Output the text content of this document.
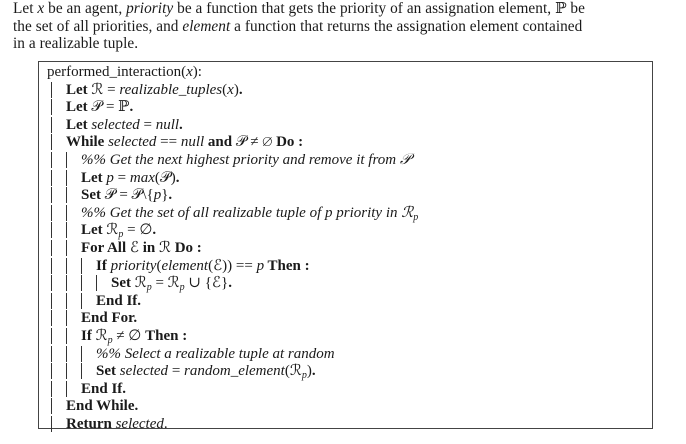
Let x be an agent, priority be a function that gets the priority of an assignation element, ℙ be
the set of all priorities, and element a function that returns the assignation element contained
in a realizable tuple.
performed_interaction(x):
Let ℛ = realizable_tuples(x).
Let 𝒫 = ℙ.
Let selected = null.
While selected == null and 𝒫 ≠ ∅ Do :
%% Get the next highest priority and remove it from 𝒫
Let p = max(𝒫).
Set 𝒫 = 𝒫\{p}.
%% Get the set of all realizable tuple of p priority in ℛ$_p$
Let ℛ$_p$ = ∅.
For All ℰ in ℛ Do :
If priority(element(ℰ)) == p Then :
Set ℛ$_p$ = ℛ$_p$ ∪ {ℰ}.
End If.
End For.
If ℛ$_p$ ≠ ∅ Then :
%% Select a realizable tuple at random
Set selected = random_element(ℛ$_p$).
End If.
End While.
Return selected.
